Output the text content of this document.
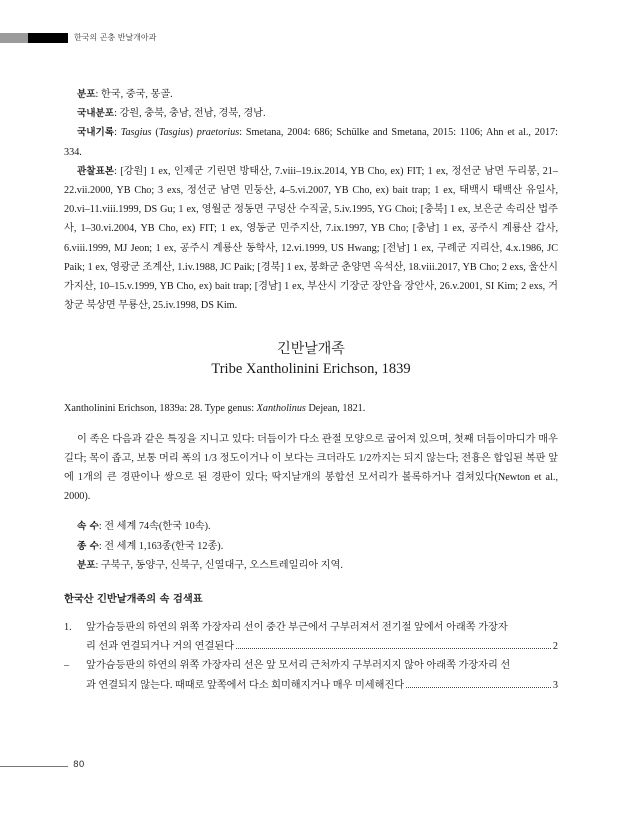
한국의 곤충 반날개아과

분포: 한국, 중국, 몽골.

국내분포: 강원, 충북, 충남, 전남, 경북, 경남.

국내기록: Tasgius (Tasgius) praetorius: Smetana, 2004: 686; Schülke and Smetana, 2015: 1106; Ahn et al., 2017: 334.

관찰표본: [강원] 1 ex, 인제군 기린면 방태산, 7.viii–19.ix.2014, YB Cho, ex) FIT; 1 ex, 정선군 남면 두리봉, 21–22.vii.2000, YB Cho; 3 exs, 정선군 남면 민둥산, 4–5.vi.2007, YB Cho, ex) bait trap; 1 ex, 태백시 태백산 유일사, 20.vi–11.viii.1999, DS Gu; 1 ex, 영월군 정동면 구덩산 수직굴, 5.iv.1995, YG Choi; [충북] 1 ex, 보은군 속리산 법주사, 1–30.vi.2004, YB Cho, ex) FIT; 1 ex, 영동군 민주지산, 7.ix.1997, YB Cho; [충남] 1 ex, 공주시 계룡산 갑사, 6.viii.1999, MJ Jeon; 1 ex, 공주시 계룡산 동학사, 12.vi.1999, US Hwang; [전남] 1 ex, 구례군 지리산, 4.x.1986, JC Paik; 1 ex, 영광군 조계산, 1.iv.1988, JC Paik; [경북] 1 ex, 봉화군 춘양면 옥석산, 18.viii.2017, YB Cho; 2 exs, 울산시 가지산, 10–15.v.1999, YB Cho, ex) bait trap; [경남] 1 ex, 부산시 기장군 장안읍 장안사, 26.v.2001, SI Kim; 2 exs, 거창군 북상면 무룡산, 25.iv.1998, DS Kim.

긴반날개족

Tribe Xantholinini Erichson, 1839

Xantholinini Erichson, 1839a: 28. Type genus: Xantholinus Dejean, 1821.

이 족은 다음과 같은 특징을 지니고 있다: 더듬이가 다소 관절 모양으로 굽어져 있으며, 첫째 더듬이마디가 매우 길다; 목이 좁고, 보통 머리 폭의 1/3 정도이거나 이 보다는 크더라도 1/2까지는 되지 않는다; 전흉은 합입된 복판 앞에 1개의 큰 경판이나 쌍으로 된 경판이 있다; 딱지날개의 봉합선 모서리가 볼록하거나 겹쳐있다(Newton et al., 2000).

속 수: 전 세계 74속(한국 10속).

종 수: 전 세계 1,163종(한국 12종).

분포: 구북구, 동양구, 신북구, 신열대구, 오스트레일리아 지역.

한국산 긴반날개족의 속 검색표

1.	앞가슴등판의 하연의 위쪽 가장자리 선이 중간 부근에서 구부러져서 전기절 앞에서 아래쪽 가장자
리 선과 연결되거나 거의 연결된다	2
–	앞가슴등판의 하연의 위쪽 가장자리 선은 앞 모서리 근처까지 구부러지지 않아 아래쪽 가장자리 선
과 연결되지 않는다. 때때로 앞쪽에서 다소 희미해지거나 매우 미세해진다	3
80
